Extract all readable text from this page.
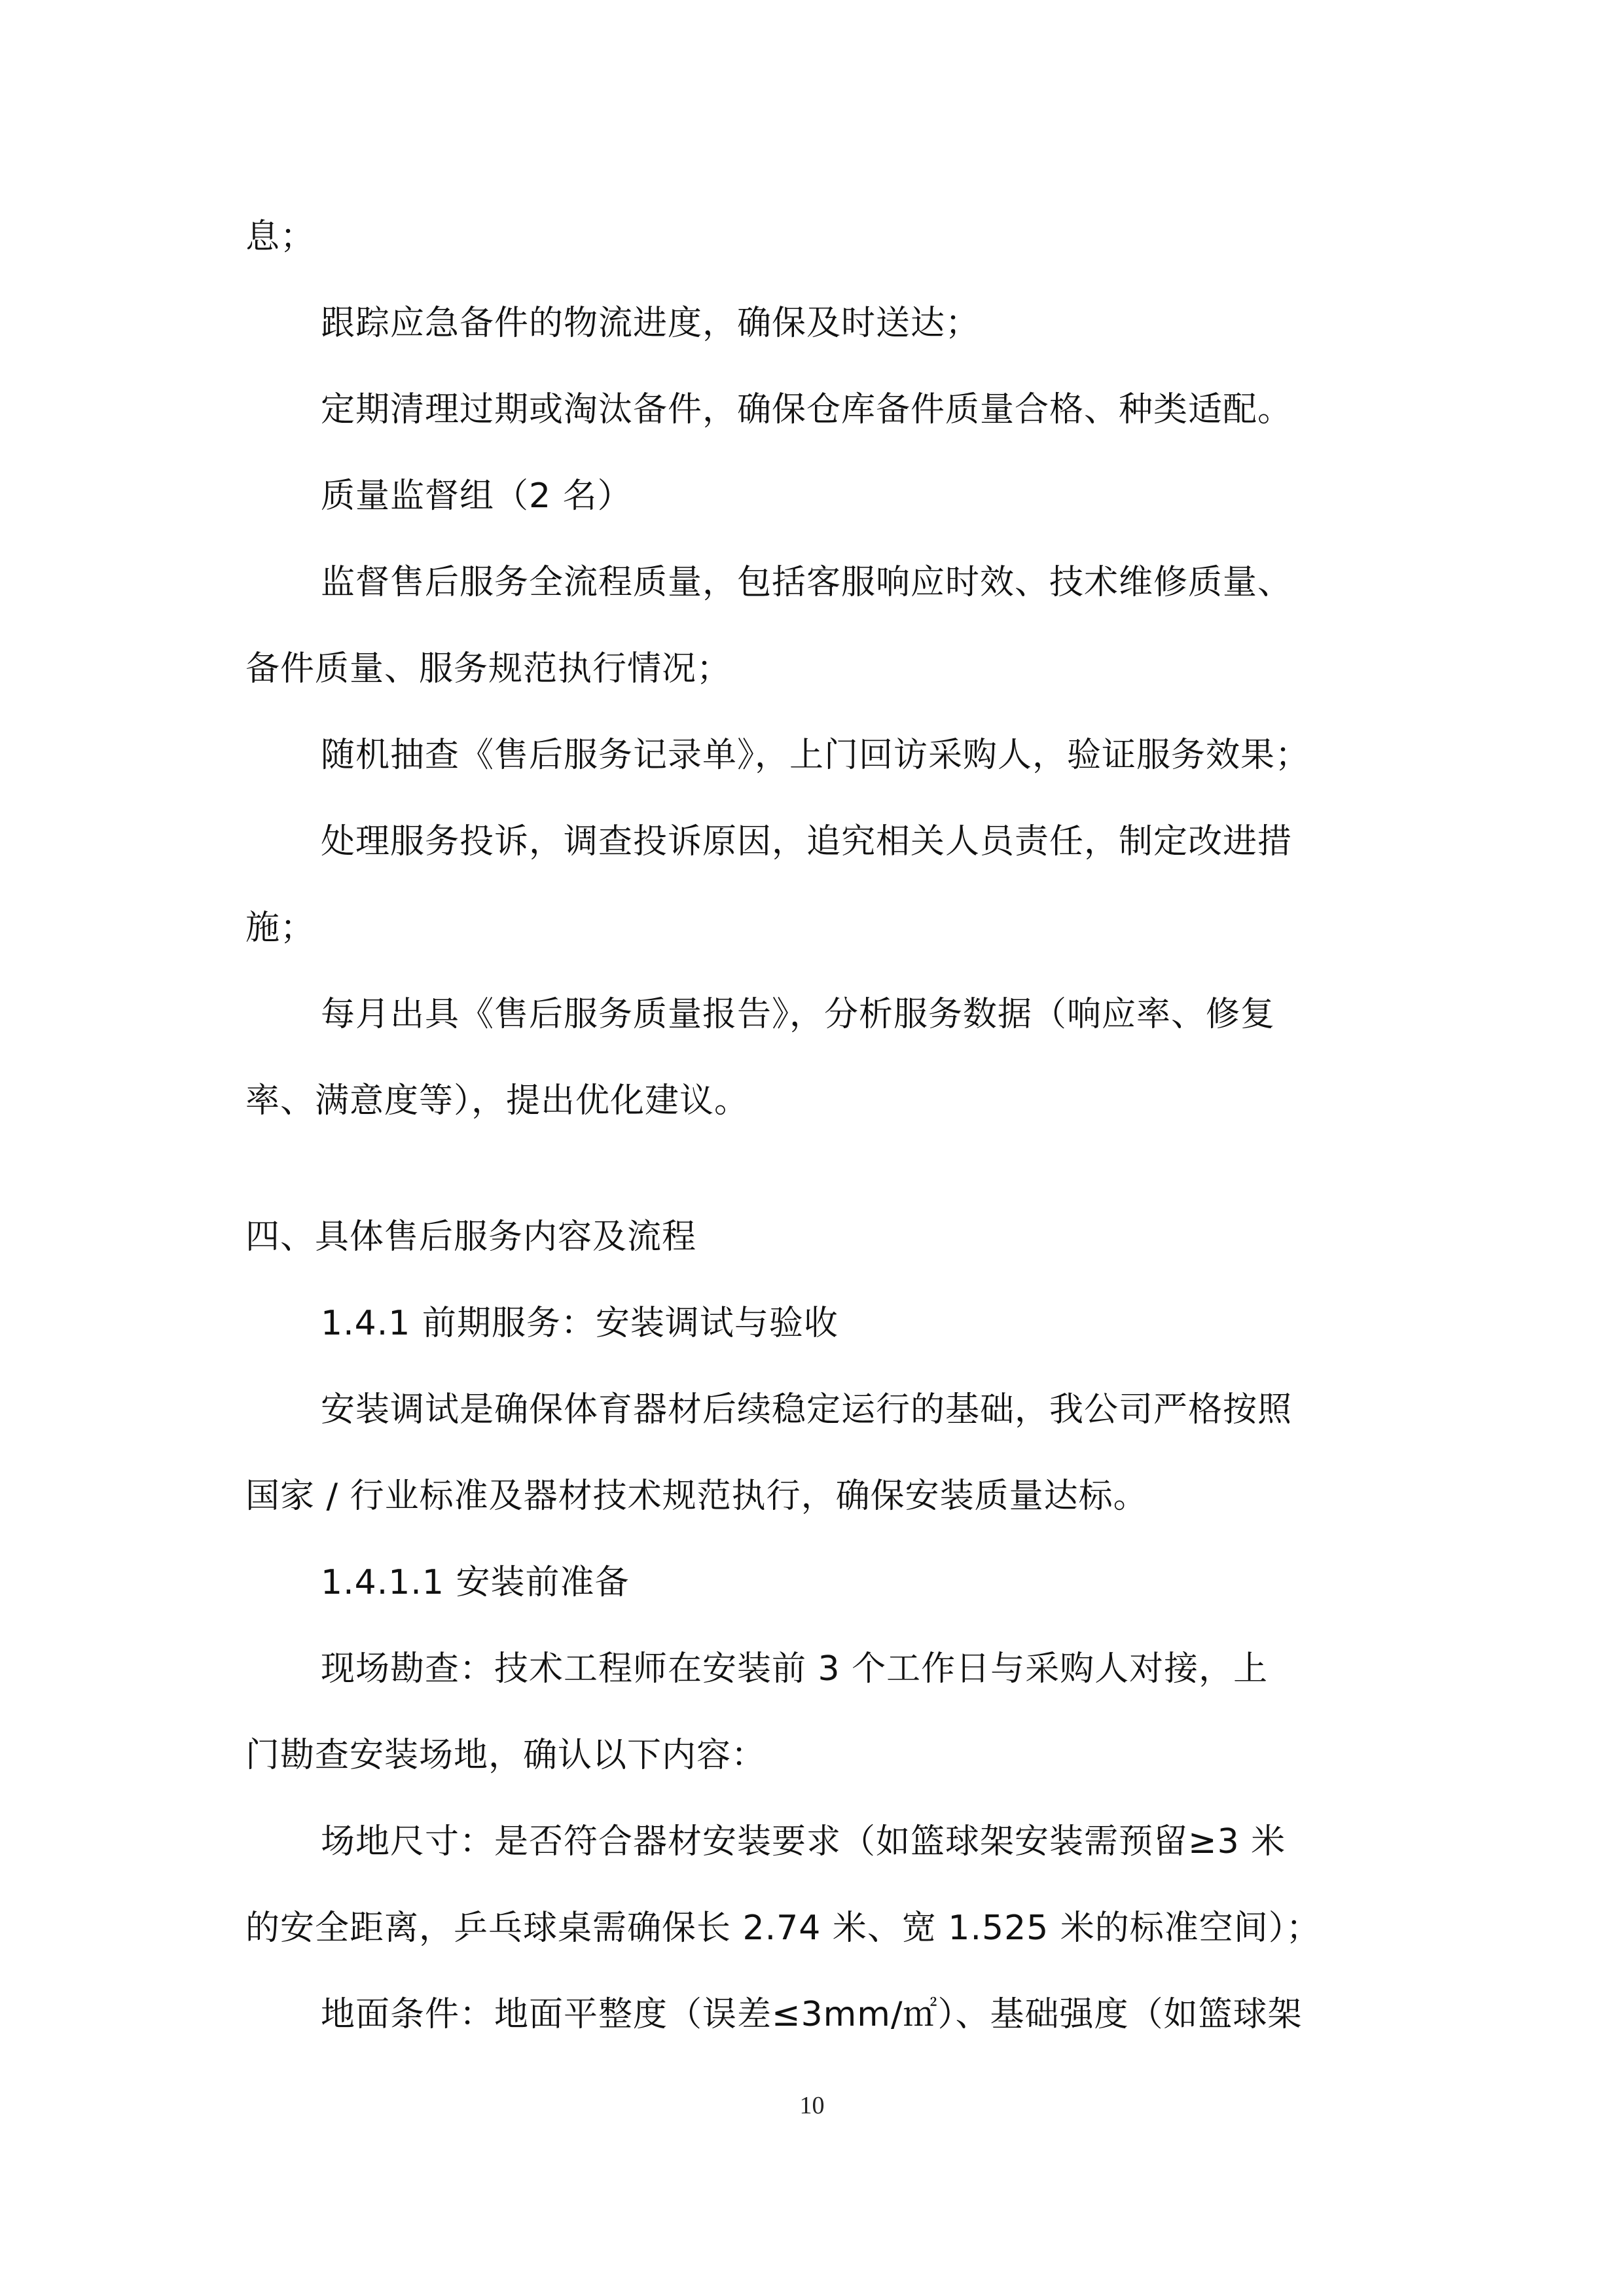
息；
跟踪应急备件的物流进度，确保及时送达；
定期清理过期或淘汰备件，确保仓库备件质量合格、种类适配。
质量监督组（2 名）
监督售后服务全流程质量，包括客服响应时效、技术维修质量、
备件质量、服务规范执行情况；
随机抽查《售后服务记录单》，上门回访采购人，验证服务效果；
处理服务投诉，调查投诉原因，追究相关人员责任，制定改进措
施；
每月出具《售后服务质量报告》，分析服务数据（响应率、修复
率、满意度等），提出优化建议。
四、具体售后服务内容及流程
1.4.1 前期服务：安装调试与验收
安装调试是确保体育器材后续稳定运行的基础，我公司严格按照
国家 / 行业标准及器材技术规范执行，确保安装质量达标。
1.4.1.1 安装前准备
现场勘查：技术工程师在安装前 3 个工作日与采购人对接，上
门勘查安装场地，确认以下内容：
场地尺寸：是否符合器材安装要求（如篮球架安装需预留≥3 米
的安全距离，乒乓球桌需确保长 2.74 米、宽 1.525 米的标准空间）；
地面条件：地面平整度（误差≤3mm/㎡）、基础强度（如篮球架
10
